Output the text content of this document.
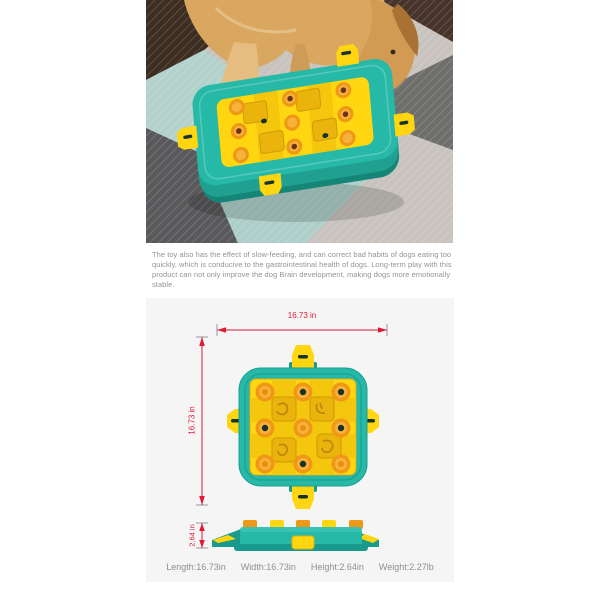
The toy also has the effect of slow-feeding, and can correct bad habits of dogs eating too quickly, which is conducive to the gastrointestinal health of dogs. Long-term play with this product can not only improve the dog Brain development, making dogs more emotionally stable.

16.73 in
16.73 in
2.64 in
Length:16.73in Width:16.73in Height:2.64in Weight:2.27lb
